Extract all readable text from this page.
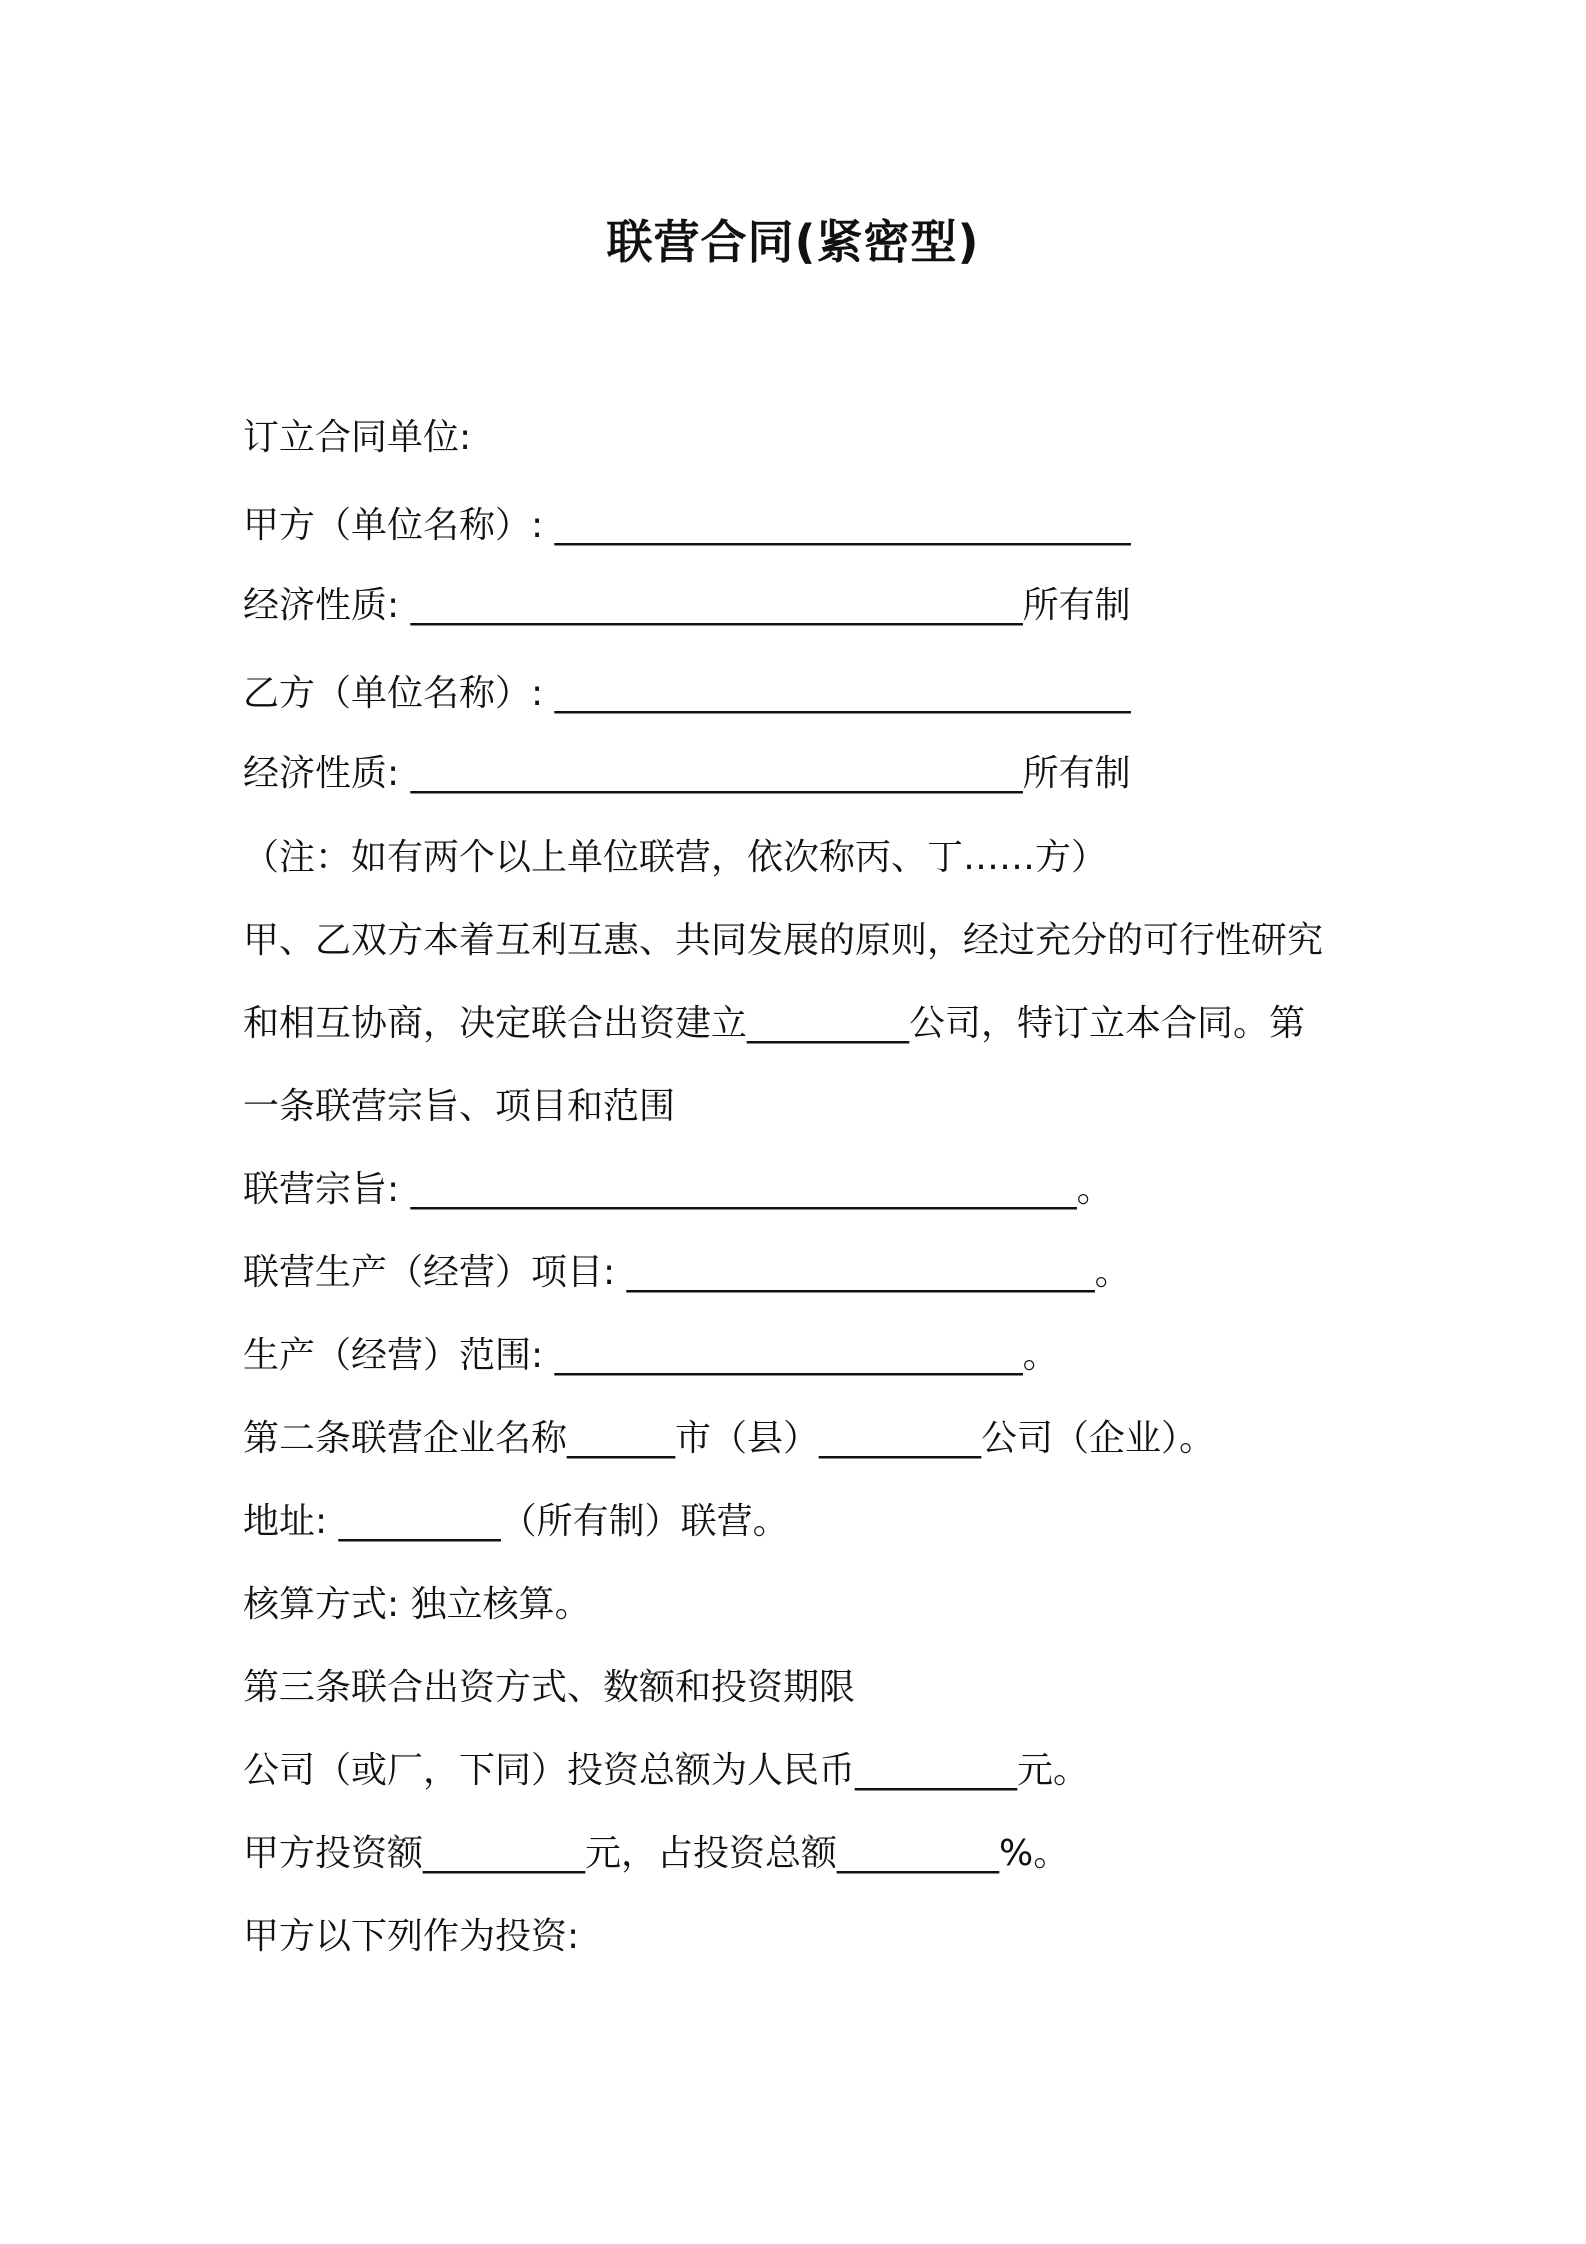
联营合同(紧密型)
订立合同单位:
甲方（单位名称）: ________________________________
经济性质: __________________________________所有制
乙方（单位名称）: ________________________________
经济性质: __________________________________所有制
（注：如有两个以上单位联营，依次称丙、丁……方）
甲、乙双方本着互利互惠、共同发展的原则，经过充分的可行性研究
和相互协商，决定联合出资建立_________公司，特订立本合同。第
一条联营宗旨、项目和范围
联营宗旨: _____________________________________。
联营生产（经营）项目: __________________________。
生产（经营）范围: __________________________。
第二条联营企业名称______市（县）_________公司（企业）。
地址: _________（所有制）联营。
核算方式: 独立核算。
第三条联合出资方式、数额和投资期限
公司（或厂，下同）投资总额为人民币_________元。
甲方投资额_________元，占投资总额_________%。
甲方以下列作为投资:
